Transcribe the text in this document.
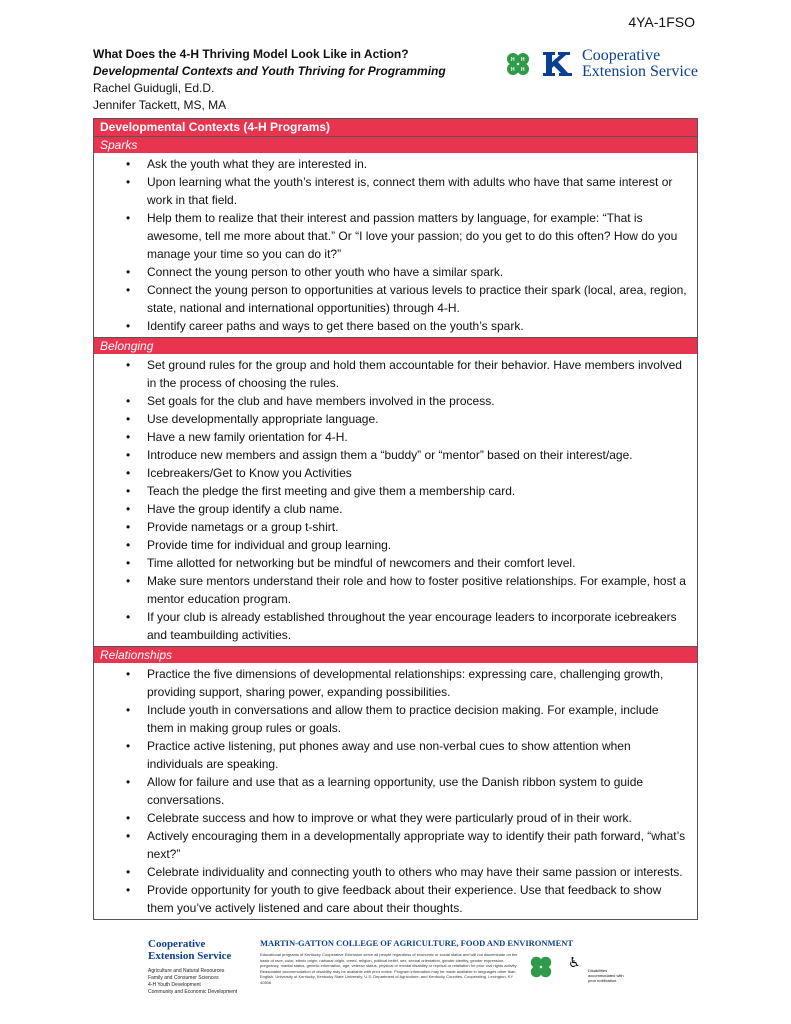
4YA-1FSO
What Does the 4-H Thriving Model Look Like in Action?
Developmental Contexts and Youth Thriving for Programming
Rachel Guidugli, Ed.D.
Jennifer Tackett, MS, MA
H H
H H
Cooperative
Extension Service
Developmental Contexts (4-H Programs)
Sparks
• Ask the youth what they are interested in.
• Upon learning what the youth’s interest is, connect them with adults who have that same interest or work in that field.
• Help them to realize that their interest and passion matters by language, for example: “That is awesome, tell me more about that.” Or “I love your passion; do you get to do this often? How do you manage your time so you can do it?”
• Connect the young person to other youth who have a similar spark.
• Connect the young person to opportunities at various levels to practice their spark (local, area, region, state, national and international opportunities) through 4-H.
• Identify career paths and ways to get there based on the youth’s spark.
Belonging
• Set ground rules for the group and hold them accountable for their behavior. Have members involved in the process of choosing the rules.
• Set goals for the club and have members involved in the process.
• Use developmentally appropriate language.
• Have a new family orientation for 4-H.
• Introduce new members and assign them a “buddy” or “mentor” based on their interest/age.
• Icebreakers/Get to Know you Activities
• Teach the pledge the first meeting and give them a membership card.
• Have the group identify a club name.
• Provide nametags or a group t-shirt.
• Provide time for individual and group learning.
• Time allotted for networking but be mindful of newcomers and their comfort level.
• Make sure mentors understand their role and how to foster positive relationships. For example, host a mentor education program.
• If your club is already established throughout the year encourage leaders to incorporate icebreakers and teambuilding activities.
Relationships
• Practice the five dimensions of developmental relationships: expressing care, challenging growth, providing support, sharing power, expanding possibilities.
• Include youth in conversations and allow them to practice decision making. For example, include them in making group rules or goals.
• Practice active listening, put phones away and use non-verbal cues to show attention when individuals are speaking.
• Allow for failure and use that as a learning opportunity, use the Danish ribbon system to guide conversations.
• Celebrate success and how to improve or what they were particularly proud of in their work.
• Actively encouraging them in a developmentally appropriate way to identify their path forward, “what’s next?”
• Celebrate individuality and connecting youth to others who may have their same passion or interests.
• Provide opportunity for youth to give feedback about their experience. Use that feedback to show them you’ve actively listened and care about their thoughts.
Cooperative
Extension Service
Agriculture and Natural Resources
Family and Consumer Sciences
4-H Youth Development
Community and Economic Development
MARTIN-GATTON COLLEGE OF AGRICULTURE, FOOD AND ENVIRONMENT
Educational programs of Kentucky Cooperative Extension serve all people regardless of economic or social status and will not discriminate on the basis of race, color, ethnic origin, national origin, creed, religion, political belief, sex, sexual orientation, gender identity, gender expression, pregnancy, marital status, genetic information, age, veteran status, physical or mental disability or reprisal or retaliation for prior civil rights activity. Reasonable accommodation of disability may be available with prior notice. Program information may be made available in languages other than English. University of Kentucky, Kentucky State University, U.S. Department of Agriculture, and Kentucky Counties, Cooperating. Lexington, KY 40506
♿
Disabilities accommodated with prior notification.
